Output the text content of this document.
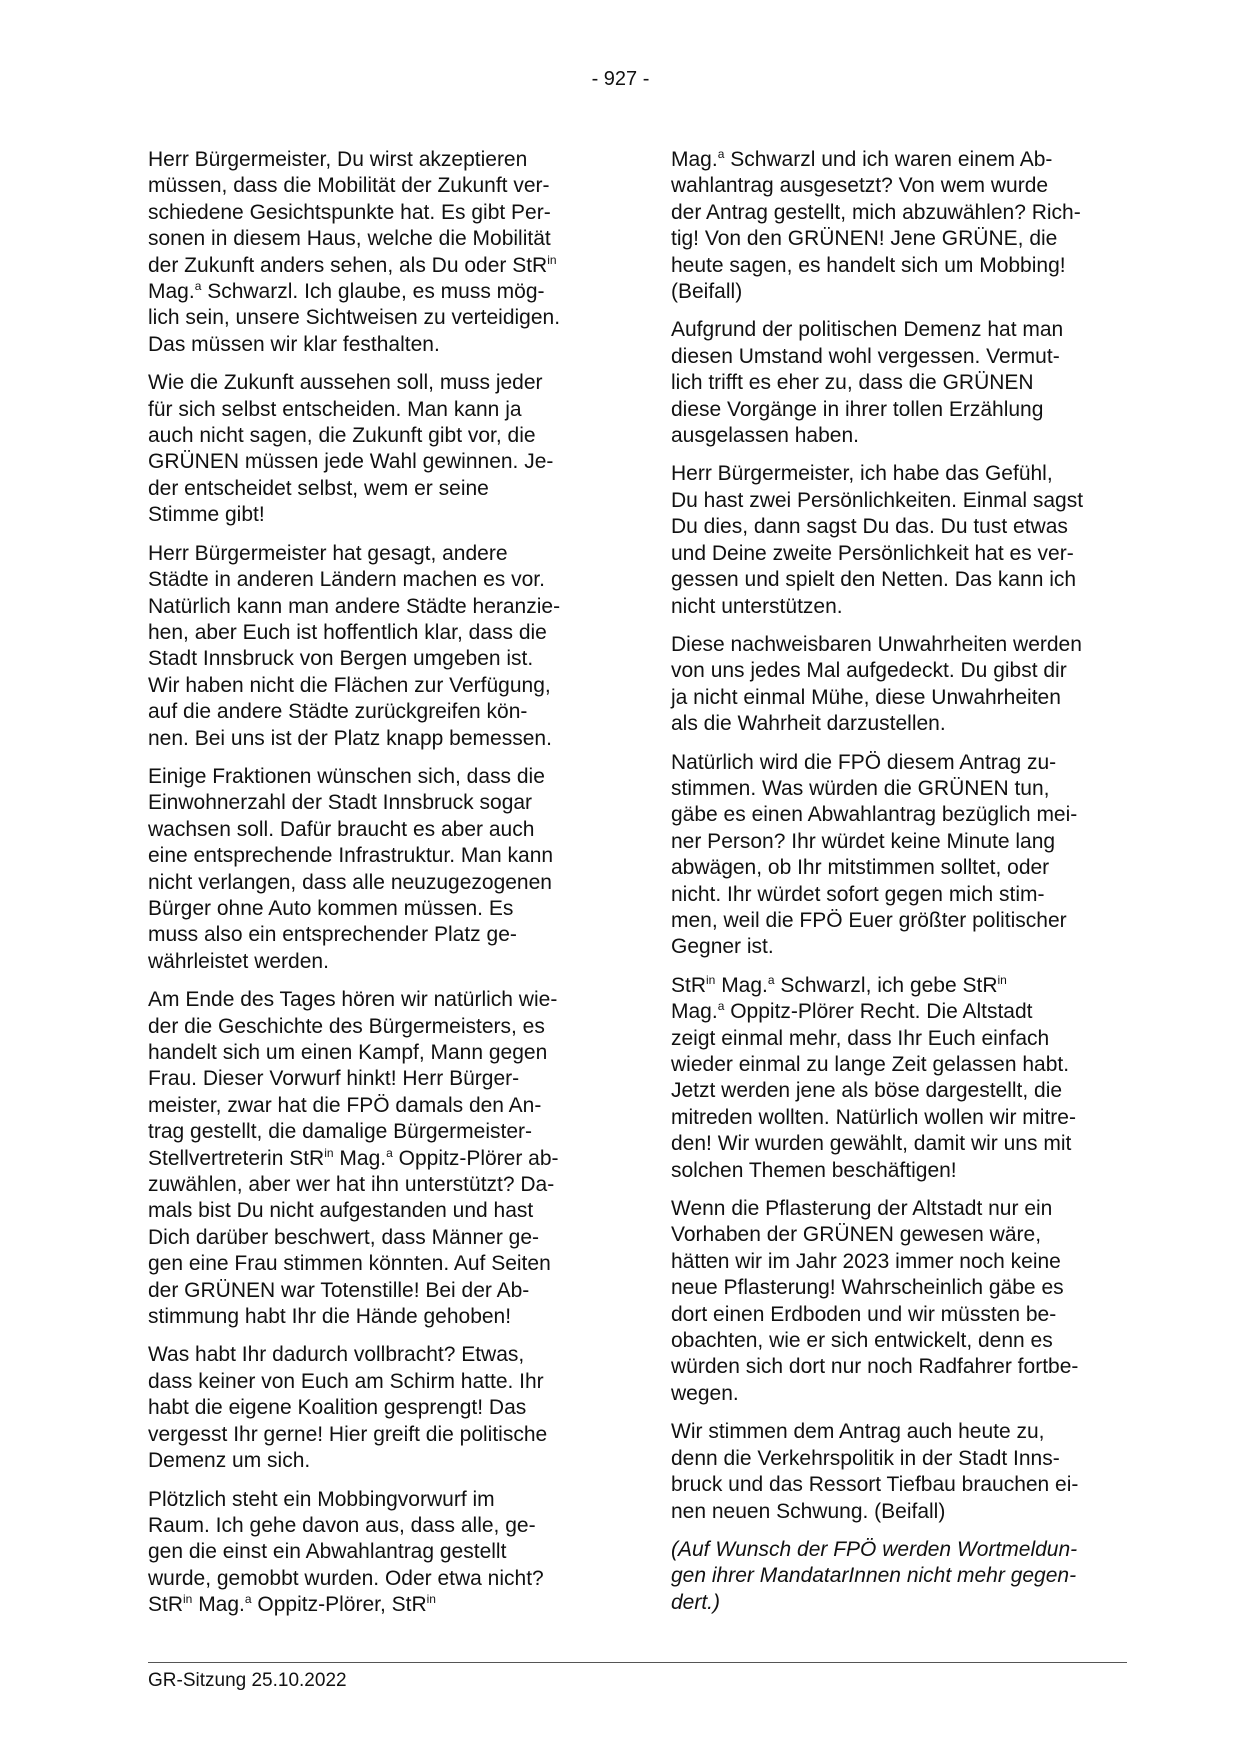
- 927 -

Herr Bürgermeister, Du wirst akzeptieren
müssen, dass die Mobilität der Zukunft ver-
schiedene Gesichtspunkte hat. Es gibt Per-
sonen in diesem Haus, welche die Mobilität
der Zukunft anders sehen, als Du oder StR$^{in}$
Mag.$^a$ Schwarzl. Ich glaube, es muss mög-
lich sein, unsere Sichtweisen zu verteidigen.
Das müssen wir klar festhalten.

Wie die Zukunft aussehen soll, muss jeder
für sich selbst entscheiden. Man kann ja
auch nicht sagen, die Zukunft gibt vor, die
GRÜNEN müssen jede Wahl gewinnen. Je-
der entscheidet selbst, wem er seine
Stimme gibt!

Herr Bürgermeister hat gesagt, andere
Städte in anderen Ländern machen es vor.
Natürlich kann man andere Städte heranzie-
hen, aber Euch ist hoffentlich klar, dass die
Stadt Innsbruck von Bergen umgeben ist.
Wir haben nicht die Flächen zur Verfügung,
auf die andere Städte zurückgreifen kön-
nen. Bei uns ist der Platz knapp bemessen.

Einige Fraktionen wünschen sich, dass die
Einwohnerzahl der Stadt Innsbruck sogar
wachsen soll. Dafür braucht es aber auch
eine entsprechende Infrastruktur. Man kann
nicht verlangen, dass alle neuzugezogenen
Bürger ohne Auto kommen müssen. Es
muss also ein entsprechender Platz ge-
währleistet werden.

Am Ende des Tages hören wir natürlich wie-
der die Geschichte des Bürgermeisters, es
handelt sich um einen Kampf, Mann gegen
Frau. Dieser Vorwurf hinkt! Herr Bürger-
meister, zwar hat die FPÖ damals den An-
trag gestellt, die damalige Bürgermeister-
Stellvertreterin StR$^{in}$ Mag.$^a$ Oppitz-Plörer ab-
zuwählen, aber wer hat ihn unterstützt? Da-
mals bist Du nicht aufgestanden und hast
Dich darüber beschwert, dass Männer ge-
gen eine Frau stimmen könnten. Auf Seiten
der GRÜNEN war Totenstille! Bei der Ab-
stimmung habt Ihr die Hände gehoben!

Was habt Ihr dadurch vollbracht? Etwas,
dass keiner von Euch am Schirm hatte. Ihr
habt die eigene Koalition gesprengt! Das
vergesst Ihr gerne! Hier greift die politische
Demenz um sich.

Plötzlich steht ein Mobbingvorwurf im
Raum. Ich gehe davon aus, dass alle, ge-
gen die einst ein Abwahlantrag gestellt
wurde, gemobbt wurden. Oder etwa nicht?
StR$^{in}$ Mag.$^a$ Oppitz-Plörer, StR$^{in}$

Mag.$^a$ Schwarzl und ich waren einem Ab-
wahlantrag ausgesetzt? Von wem wurde
der Antrag gestellt, mich abzuwählen? Rich-
tig! Von den GRÜNEN! Jene GRÜNE, die
heute sagen, es handelt sich um Mobbing!
(Beifall)

Aufgrund der politischen Demenz hat man
diesen Umstand wohl vergessen. Vermut-
lich trifft es eher zu, dass die GRÜNEN
diese Vorgänge in ihrer tollen Erzählung
ausgelassen haben.

Herr Bürgermeister, ich habe das Gefühl,
Du hast zwei Persönlichkeiten. Einmal sagst
Du dies, dann sagst Du das. Du tust etwas
und Deine zweite Persönlichkeit hat es ver-
gessen und spielt den Netten. Das kann ich
nicht unterstützen.

Diese nachweisbaren Unwahrheiten werden
von uns jedes Mal aufgedeckt. Du gibst dir
ja nicht einmal Mühe, diese Unwahrheiten
als die Wahrheit darzustellen.

Natürlich wird die FPÖ diesem Antrag zu-
stimmen. Was würden die GRÜNEN tun,
gäbe es einen Abwahlantrag bezüglich mei-
ner Person? Ihr würdet keine Minute lang
abwägen, ob Ihr mitstimmen solltet, oder
nicht. Ihr würdet sofort gegen mich stim-
men, weil die FPÖ Euer größter politischer
Gegner ist.

StR$^{in}$ Mag.$^a$ Schwarzl, ich gebe StR$^{in}$
Mag.$^a$ Oppitz-Plörer Recht. Die Altstadt
zeigt einmal mehr, dass Ihr Euch einfach
wieder einmal zu lange Zeit gelassen habt.
Jetzt werden jene als böse dargestellt, die
mitreden wollten. Natürlich wollen wir mitre-
den! Wir wurden gewählt, damit wir uns mit
solchen Themen beschäftigen!

Wenn die Pflasterung der Altstadt nur ein
Vorhaben der GRÜNEN gewesen wäre,
hätten wir im Jahr 2023 immer noch keine
neue Pflasterung! Wahrscheinlich gäbe es
dort einen Erdboden und wir müssten be-
obachten, wie er sich entwickelt, denn es
würden sich dort nur noch Radfahrer fortbe-
wegen.

Wir stimmen dem Antrag auch heute zu,
denn die Verkehrspolitik in der Stadt Inns-
bruck und das Ressort Tiefbau brauchen ei-
nen neuen Schwung. (Beifall)

(Auf Wunsch der FPÖ werden Wortmeldun-
gen ihrer MandatarInnen nicht mehr gegen-
dert.)

GR-Sitzung 25.10.2022
